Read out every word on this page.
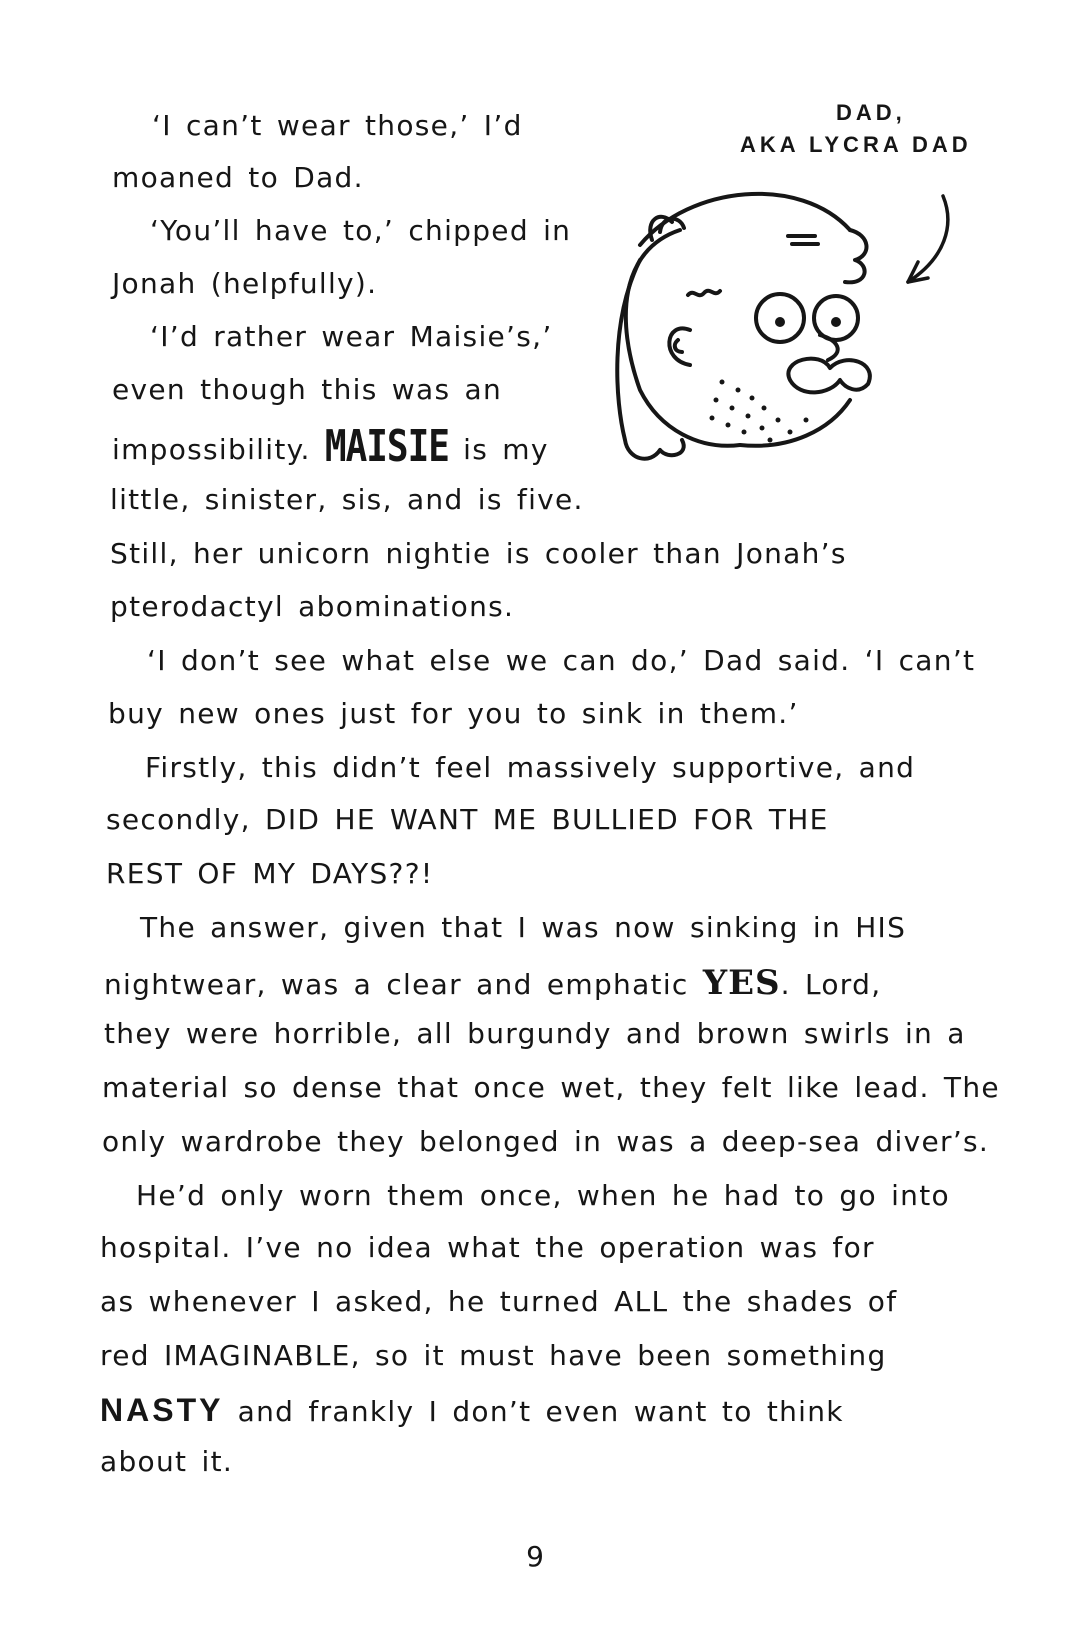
DAD,
AKA LYCRA DAD
‘I can’t wear those,’ I’d
moaned to Dad.
‘You’ll have to,’ chipped in
Jonah (helpfully).
‘I’d rather wear Maisie’s,’
even though this was an
impossibility. MAISIE is my
little, sinister, sis, and is five.
Still, her unicorn nightie is cooler than Jonah’s
pterodactyl abominations.
‘I don’t see what else we can do,’ Dad said. ‘I can’t
buy new ones just for you to sink in them.’
Firstly, this didn’t feel massively supportive, and
secondly, DID HE WANT ME BULLIED FOR THE
REST OF MY DAYS??!
The answer, given that I was now sinking in HIS
nightwear, was a clear and emphatic YES. Lord,
they were horrible, all burgundy and brown swirls in a
material so dense that once wet, they felt like lead. The
only wardrobe they belonged in was a deep-sea diver’s.
He’d only worn them once, when he had to go into
hospital. I’ve no idea what the operation was for
as whenever I asked, he turned ALL the shades of
red IMAGINABLE, so it must have been something
NASTY and frankly I don’t even want to think
about it.
9
